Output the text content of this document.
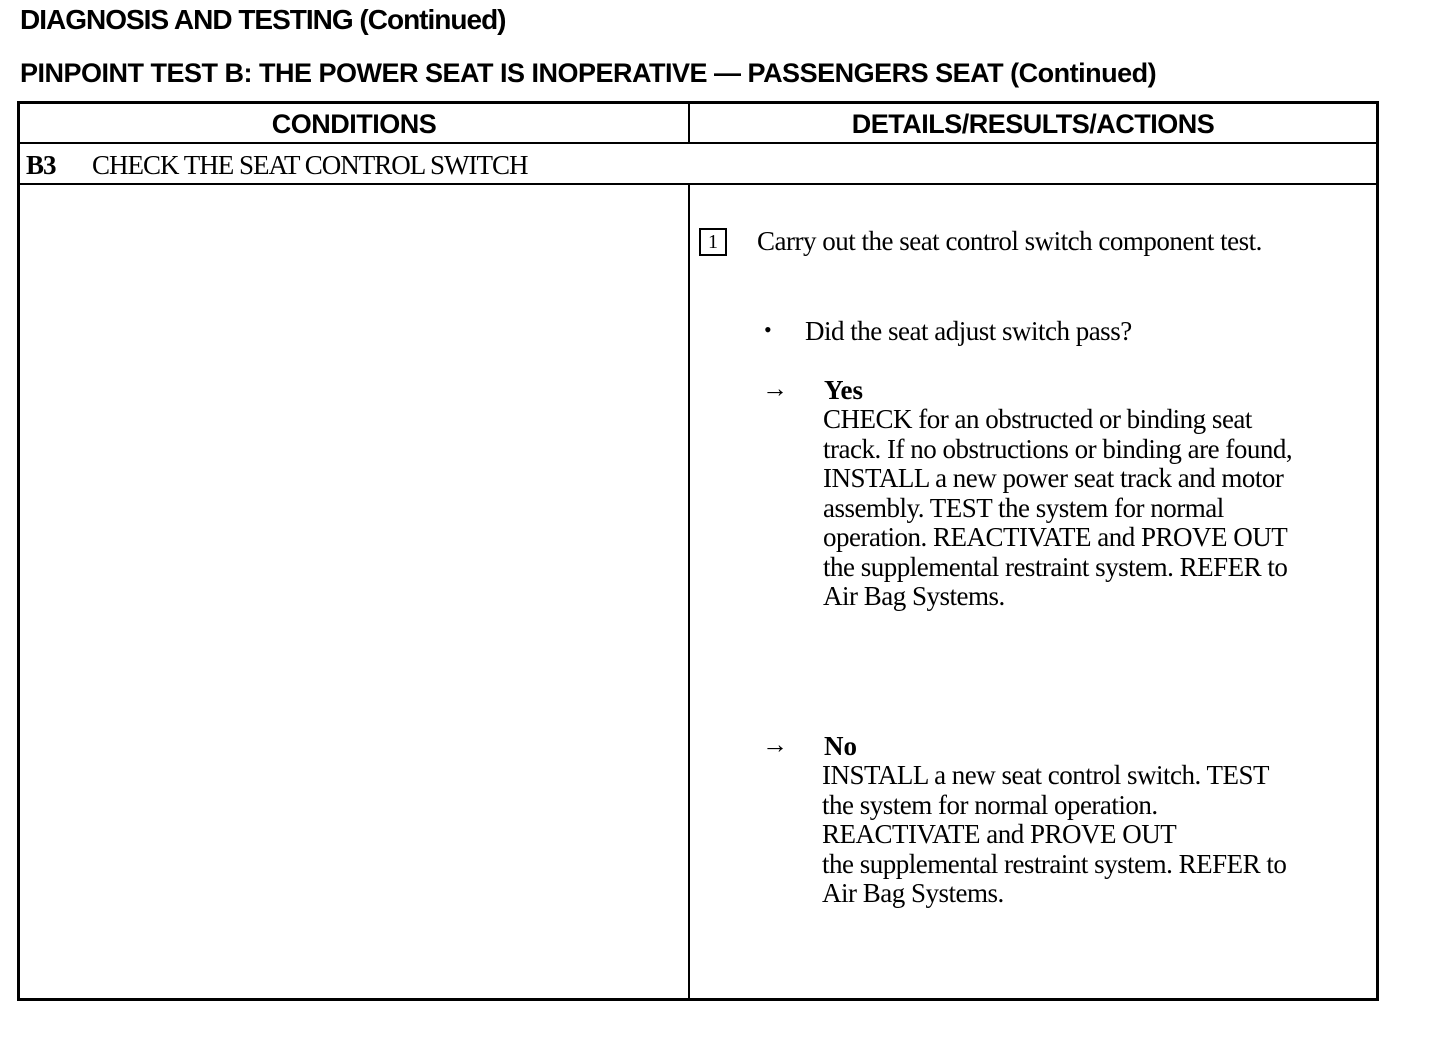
DIAGNOSIS AND TESTING (Continued)
PINPOINT TEST B: THE POWER SEAT IS INOPERATIVE — PASSENGERS SEAT (Continued)
CONDITIONS	DETAILS/RESULTS/ACTIONS
B3 CHECK THE SEAT CONTROL SWITCH
1	Carry out the seat control switch component test.
• Did the seat adjust switch pass?
→ Yes
CHECK for an obstructed or binding seat
track. If no obstructions or binding are found,
INSTALL a new power seat track and motor
assembly. TEST the system for normal
operation. REACTIVATE and PROVE OUT
the supplemental restraint system. REFER to
Air Bag Systems.
→ No
INSTALL a new seat control switch. TEST
the system for normal operation.
REACTIVATE and PROVE OUT
the supplemental restraint system. REFER to
Air Bag Systems.
